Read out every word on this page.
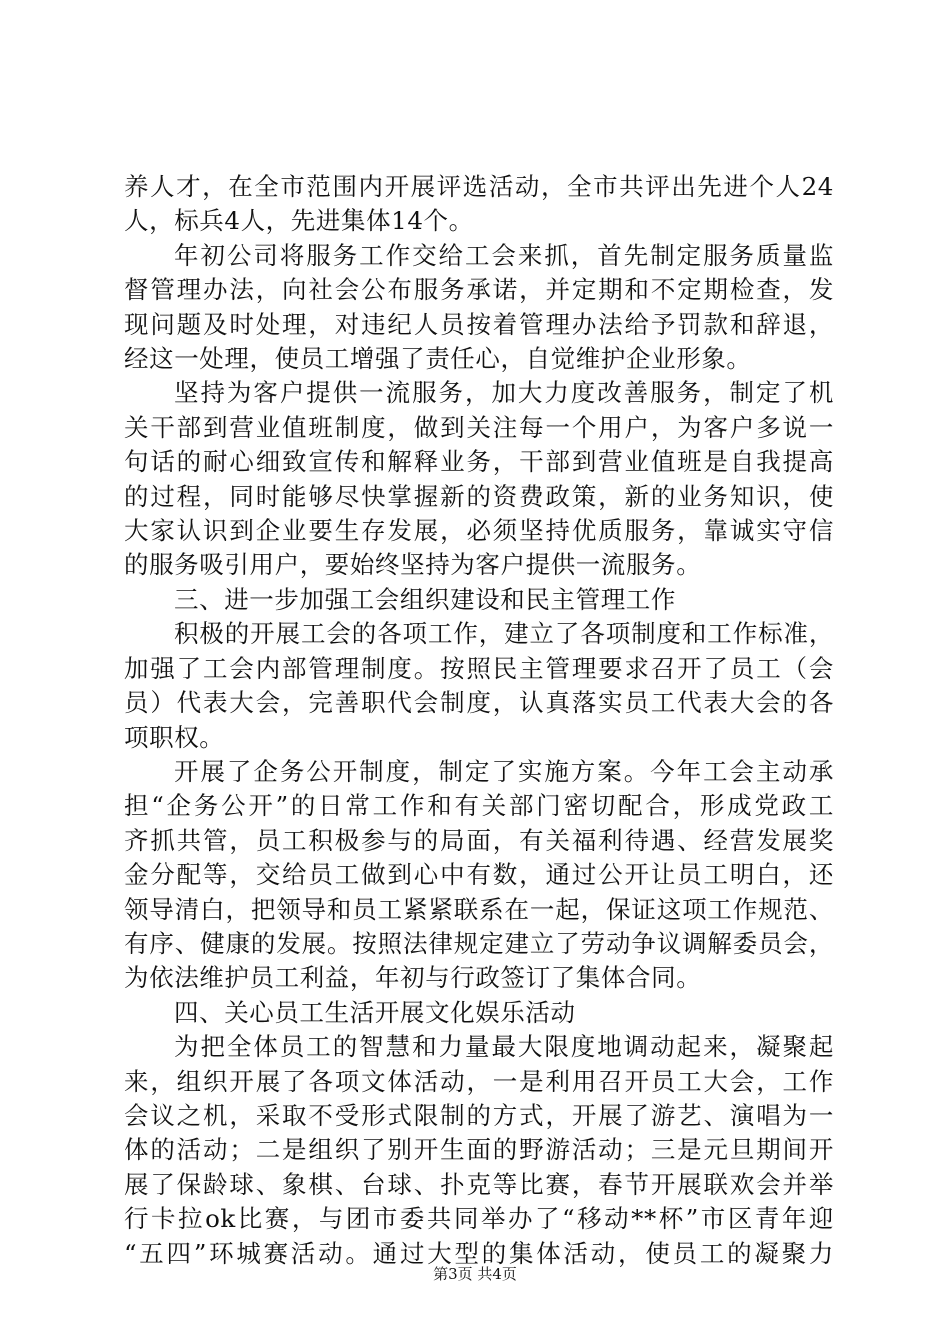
养人才，在全市范围内开展评选活动，全市共评出先进个人24

人，标兵4人，先进集体14个。

年初公司将服务工作交给工会来抓，首先制定服务质量监

督管理办法，向社会公布服务承诺，并定期和不定期检查，发

现问题及时处理，对违纪人员按着管理办法给予罚款和辞退，

经这一处理，使员工增强了责任心，自觉维护企业形象。

坚持为客户提供一流服务，加大力度改善服务，制定了机

关干部到营业值班制度，做到关注每一个用户，为客户多说一

句话的耐心细致宣传和解释业务，干部到营业值班是自我提高

的过程，同时能够尽快掌握新的资费政策，新的业务知识，使

大家认识到企业要生存发展，必须坚持优质服务，靠诚实守信

的服务吸引用户，要始终坚持为客户提供一流服务。

三、进一步加强工会组织建设和民主管理工作

积极的开展工会的各项工作，建立了各项制度和工作标准，

加强了工会内部管理制度。按照民主管理要求召开了员工（会

员）代表大会，完善职代会制度，认真落实员工代表大会的各

项职权。

开展了企务公开制度，制定了实施方案。今年工会主动承

担“企务公开”的日常工作和有关部门密切配合，形成党政工

齐抓共管，员工积极参与的局面，有关福利待遇、经营发展奖

金分配等，交给员工做到心中有数，通过公开让员工明白，还

领导清白，把领导和员工紧紧联系在一起，保证这项工作规范、

有序、健康的发展。按照法律规定建立了劳动争议调解委员会，

为依法维护员工利益，年初与行政签订了集体合同。

四、关心员工生活开展文化娱乐活动

为把全体员工的智慧和力量最大限度地调动起来，凝聚起

来，组织开展了各项文体活动，一是利用召开员工大会，工作

会议之机，采取不受形式限制的方式，开展了游艺、演唱为一

体的活动；二是组织了别开生面的野游活动；三是元旦期间开

展了保龄球、象棋、台球、扑克等比赛，春节开展联欢会并举

行卡拉ok比赛，与团市委共同举办了“移动**杯”市区青年迎

“五四”环城赛活动。通过大型的集体活动，使员工的凝聚力

第3页 共4页
